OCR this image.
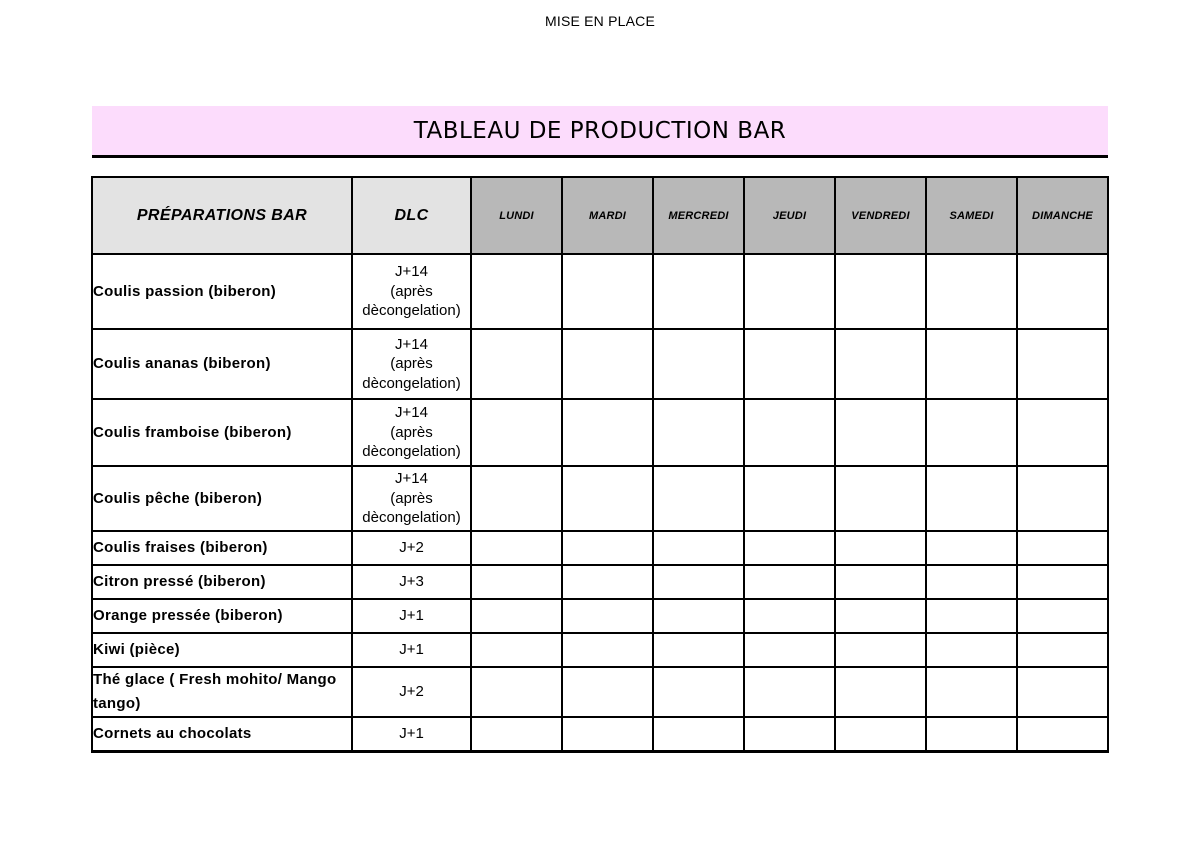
MISE EN PLACE
TABLEAU DE PRODUCTION BAR
PRÉPARATIONS BAR	DLC	LUNDI	MARDI	MERCREDI	JEUDI	VENDREDI	SAMEDI	DIMANCHE
Coulis passion (biberon)	J+14
(après
dècongelation)							

Coulis ananas (biberon)	J+14
(après
dècongelation)							

Coulis framboise (biberon)	J+14
(après
dècongelation)							

Coulis pêche (biberon)	J+14
(après
dècongelation)							

Coulis fraises (biberon)	J+2							

Citron pressé (biberon)	J+3							

Orange pressée (biberon)	J+1							

Kiwi (pièce)	J+1							

Thé glace ( Fresh mohito/ Mango tango)	J+2							

Cornets au chocolats	J+1							
